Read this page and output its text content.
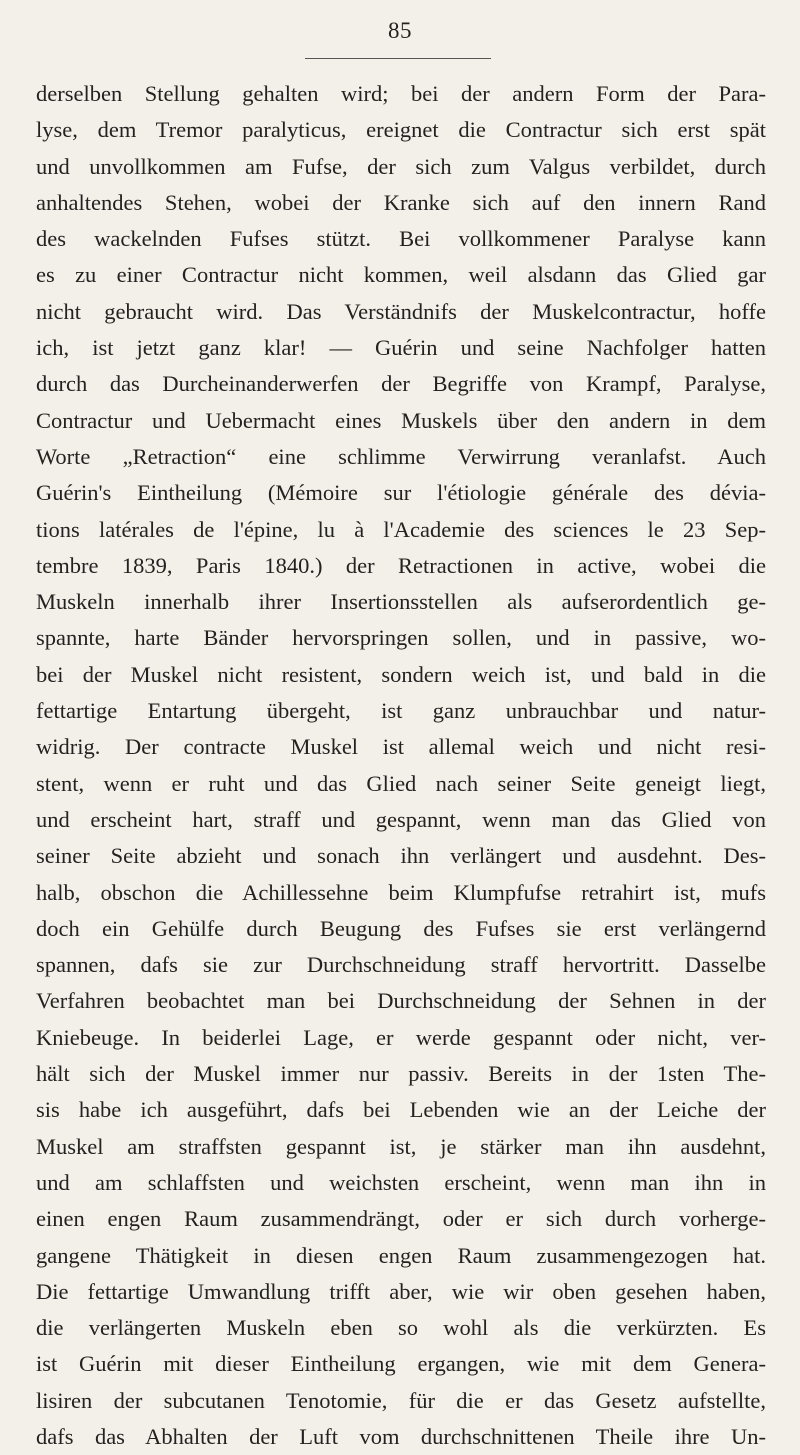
85
derselben Stellung gehalten wird; bei der andern Form der Para-
lyse, dem Tremor paralyticus, ereignet die Contractur sich erst spät
und unvollkommen am Fufse, der sich zum Valgus verbildet, durch
anhaltendes Stehen, wobei der Kranke sich auf den innern Rand
des wackelnden Fufses stützt. Bei vollkommener Paralyse kann
es zu einer Contractur nicht kommen, weil alsdann das Glied gar
nicht gebraucht wird. Das Verständnifs der Muskelcontractur, hoffe
ich, ist jetzt ganz klar! — Guérin und seine Nachfolger hatten
durch das Durcheinanderwerfen der Begriffe von Krampf, Paralyse,
Contractur und Uebermacht eines Muskels über den andern in dem
Worte „Retraction“ eine schlimme Verwirrung veranlafst. Auch
Guérin's Eintheilung (Mémoire sur l'étiologie générale des dévia-
tions latérales de l'épine, lu à l'Academie des sciences le 23 Sep-
tembre 1839, Paris 1840.) der Retractionen in active, wobei die
Muskeln innerhalb ihrer Insertionsstellen als aufserordentlich ge-
spannte, harte Bänder hervorspringen sollen, und in passive, wo-
bei der Muskel nicht resistent, sondern weich ist, und bald in die
fettartige Entartung übergeht, ist ganz unbrauchbar und natur-
widrig. Der contracte Muskel ist allemal weich und nicht resi-
stent, wenn er ruht und das Glied nach seiner Seite geneigt liegt,
und erscheint hart, straff und gespannt, wenn man das Glied von
seiner Seite abzieht und sonach ihn verlängert und ausdehnt. Des-
halb, obschon die Achillessehne beim Klumpfufse retrahirt ist, mufs
doch ein Gehülfe durch Beugung des Fufses sie erst verlängernd
spannen, dafs sie zur Durchschneidung straff hervortritt. Dasselbe
Verfahren beobachtet man bei Durchschneidung der Sehnen in der
Kniebeuge. In beiderlei Lage, er werde gespannt oder nicht, ver-
hält sich der Muskel immer nur passiv. Bereits in der 1sten The-
sis habe ich ausgeführt, dafs bei Lebenden wie an der Leiche der
Muskel am straffsten gespannt ist, je stärker man ihn ausdehnt,
und am schlaffsten und weichsten erscheint, wenn man ihn in
einen engen Raum zusammendrängt, oder er sich durch vorherge-
gangene Thätigkeit in diesen engen Raum zusammengezogen hat.
Die fettartige Umwandlung trifft aber, wie wir oben gesehen haben,
die verlängerten Muskeln eben so wohl als die verkürzten. Es
ist Guérin mit dieser Eintheilung ergangen, wie mit dem Genera-
lisiren der subcutanen Tenotomie, für die er das Gesetz aufstellte,
dafs das Abhalten der Luft vom durchschnittenen Theile ihre Un-
